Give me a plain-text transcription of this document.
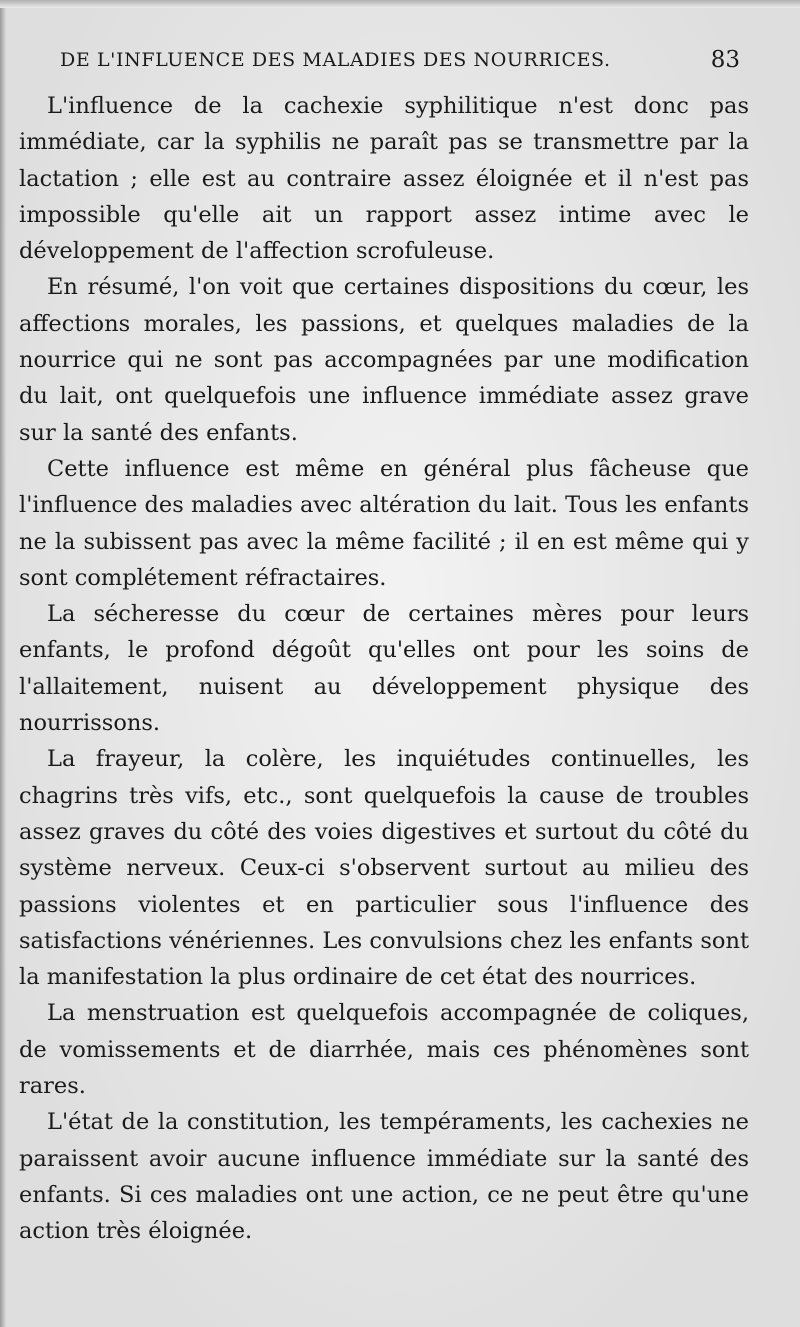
DE L'INFLUENCE DES MALADIES DES NOURRICES.	83

L'influence de la cachexie syphilitique n'est donc pas immédiate, car la syphilis ne paraît pas se transmettre par la lactation ; elle est au contraire assez éloignée et il n'est pas impossible qu'elle ait un rapport assez intime avec le développement de l'affection scrofuleuse.

En résumé, l'on voit que certaines dispositions du cœur, les affections morales, les passions, et quelques maladies de la nourrice qui ne sont pas accompagnées par une modification du lait, ont quelquefois une influence immédiate assez grave sur la santé des enfants.

Cette influence est même en général plus fâcheuse que l'influence des maladies avec altération du lait. Tous les enfants ne la subissent pas avec la même facilité ; il en est même qui y sont complétement réfractaires.

La sécheresse du cœur de certaines mères pour leurs enfants, le profond dégoût qu'elles ont pour les soins de l'allaitement, nuisent au développement physique des nourrissons.

La frayeur, la colère, les inquiétudes continuelles, les chagrins très vifs, etc., sont quelquefois la cause de troubles assez graves du côté des voies digestives et surtout du côté du système nerveux. Ceux-ci s'observent surtout au milieu des passions violentes et en particulier sous l'influence des satisfactions vénériennes. Les convulsions chez les enfants sont la manifestation la plus ordinaire de cet état des nourrices.

La menstruation est quelquefois accompagnée de coliques, de vomissements et de diarrhée, mais ces phénomènes sont rares.

L'état de la constitution, les tempéraments, les cachexies ne paraissent avoir aucune influence immédiate sur la santé des enfants. Si ces maladies ont une action, ce ne peut être qu'une action très éloignée.
